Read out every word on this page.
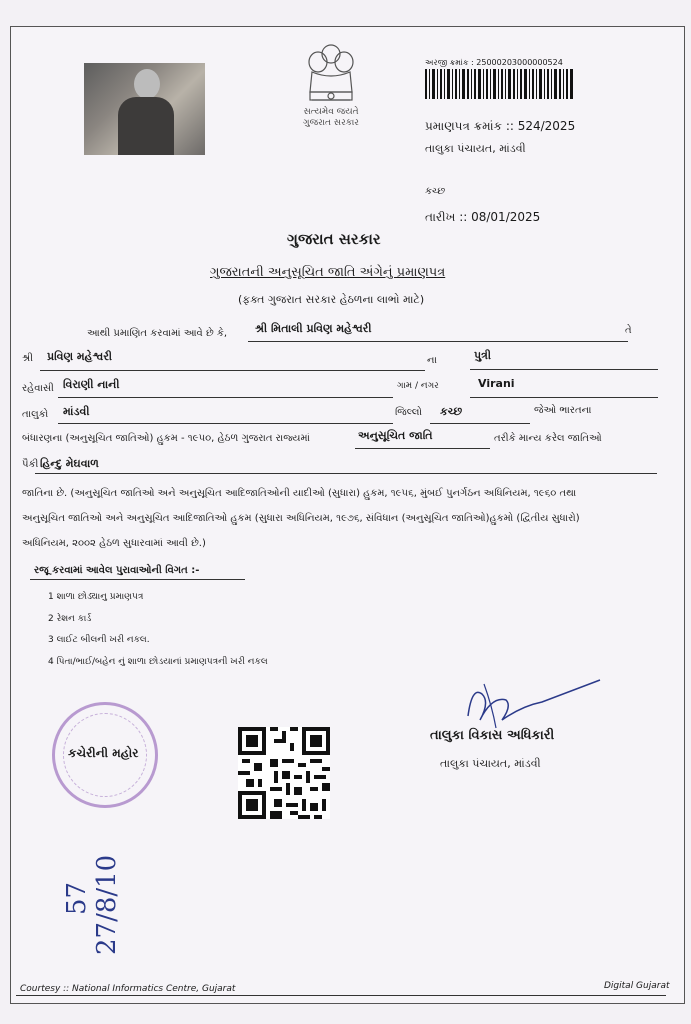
સત્યમેવ જયતે
ગુજરાત સરકાર
અરજી ક્રમાંક : 25000203000000524
પ્રમાણપત્ર ક્રમાંક :: 524/2025
તાલુકા પંચાયત, માંડવી
કચ્છ
તારીખ :: 08/01/2025
ગુજરાત સરકાર
ગુજરાતની અનુસૂચિત જાતિ અંગેનું પ્રમાણપત્ર
(ફક્ત ગુજરાત સરકાર હેઠળના લાભો માટે)
આથી પ્રમાણિત કરવામાં આવે છે કે,	શ્રી મિતાલી પ્રવિણ મહેશ્વરી	તે
શ્રી પ્રવિણ મહેશ્વરી	ના	પુત્રી
રહેવાસી વિરાણી નાની	ગામ / નગર	Virani
તાલુકો માંડવી	જિલ્લો કચ્છ	જેઓ ભારતના
બંધારણના (અનુસૂચિત જાતિઓ) હુકમ - ૧૯૫૦, હેઠળ ગુજરાત રાજ્યમાં	અનુસૂચિત જાતિ	તરીકે માન્ય કરેલ જાતિઓ
પૈકી હિન્દુ મેઘવાળ
જાતિના છે. (અનુસૂચિત જાતિઓ અને અનુસૂચિત આદિજાતિઓની યાદીઓ (સુધારા) હુકમ, ૧૯૫૬, મુંબઈ પુનર્ગઠન અધિનિયમ, ૧૯૬૦ તથા
અનુસૂચિત જાતિઓ અને અનુસૂચિત આદિજાતિઓ હુકમ (સુધારા અધિનિયમ, ૧૯૭૬, સંવિધાન (અનુસૂચિત જાતિઓ)હુકમો (દ્વિતીય સુધારો)
અધિનિયમ, ૨૦૦૨ હેઠળ સુધારવામાં આવી છે.)
રજૂ કરવામાં આવેલ પુરાવાઓની વિગત :-
1 શાળા છોડ્યાનુ પ્રમાણપત્ર
2 રેશન કાર્ડ
3 લાઈટ બીલની ખરી નકલ.
4 પિતા/ભાઈ/બહેન નું શાળા છોડયાનાં પ્રમાણપત્રની ખરી નકલ
કચેરીની મહોર
તાલુકા વિકાસ અધિકારી
તાલુકા પંચાયત, માંડવી
57 27/8/10
Courtesy :: National Informatics Centre, Gujarat	Digital Gujarat
